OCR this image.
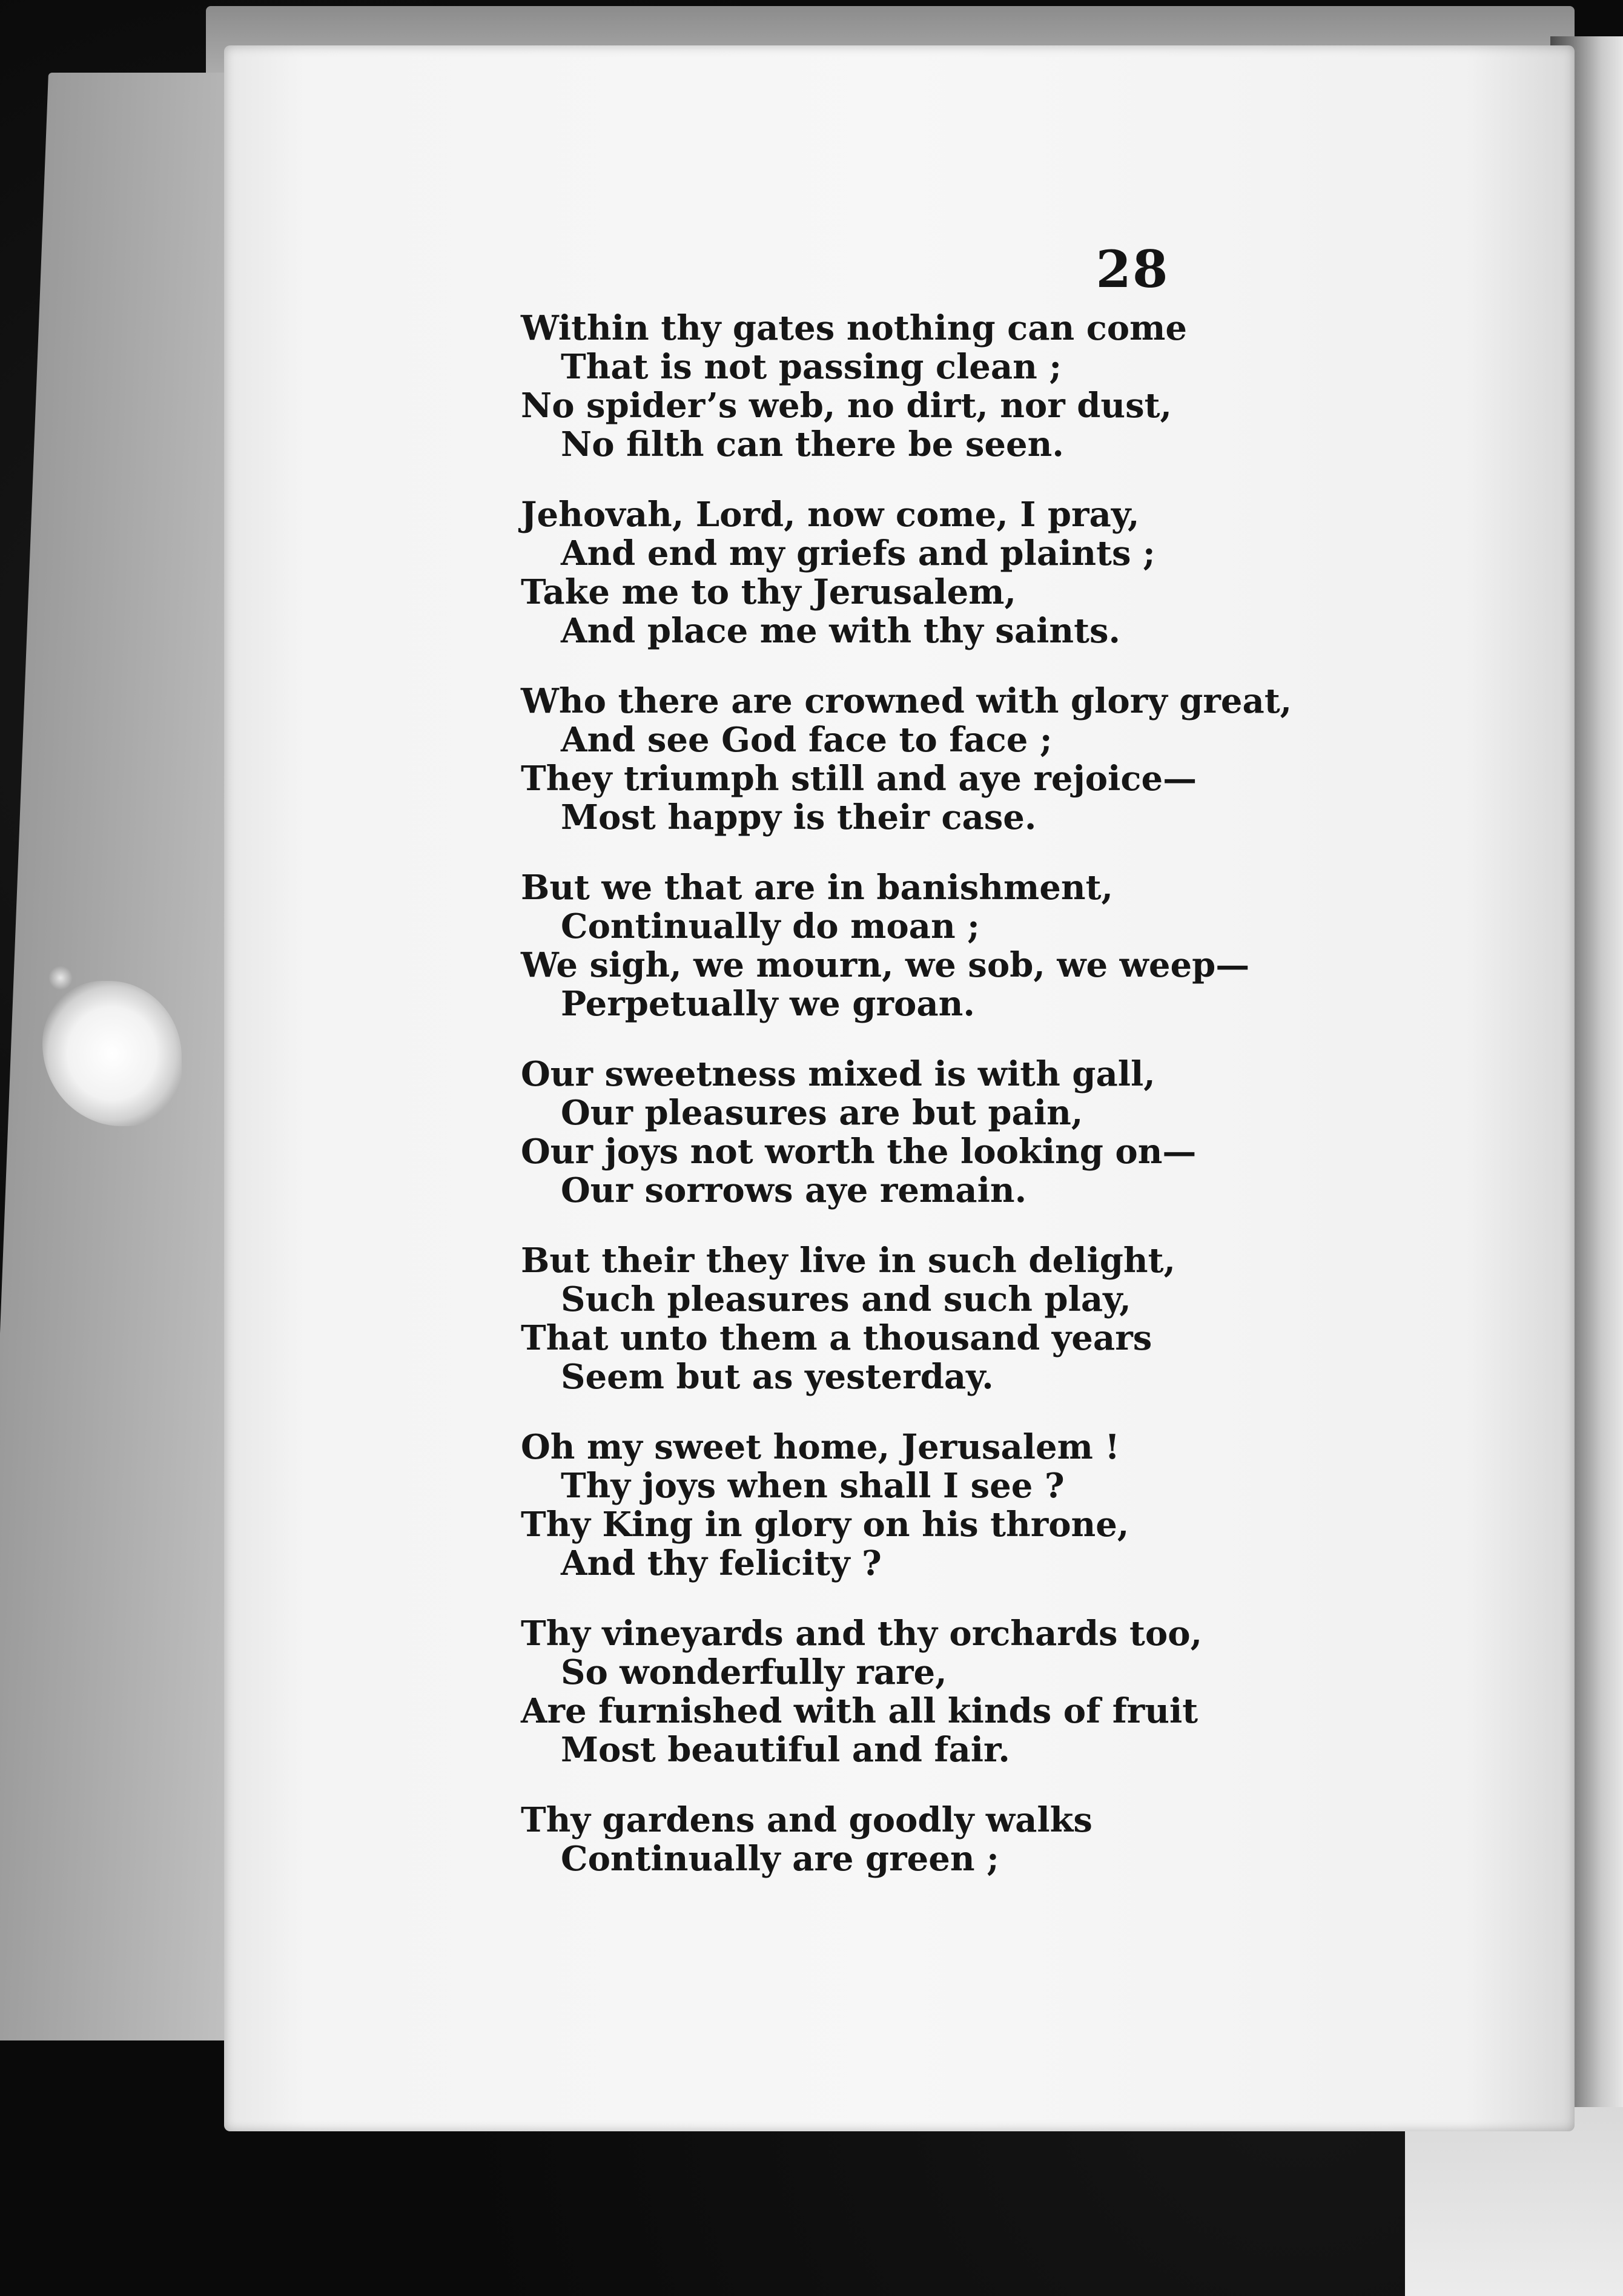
28
Within thy gates nothing can come
That is not passing clean ;
No spider’s web, no dirt, nor dust,
No filth can there be seen.
Jehovah, Lord, now come, I pray,
And end my griefs and plaints ;
Take me to thy Jerusalem,
And place me with thy saints.
Who there are crowned with glory great,
And see God face to face ;
They triumph still and aye rejoice—
Most happy is their case.
But we that are in banishment,
Continually do moan ;
We sigh, we mourn, we sob, we weep—
Perpetually we groan.
Our sweetness mixed is with gall,
Our pleasures are but pain,
Our joys not worth the looking on—
Our sorrows aye remain.
But their they live in such delight,
Such pleasures and such play,
That unto them a thousand years
Seem but as yesterday.
Oh my sweet home, Jerusalem !
Thy joys when shall I see ?
Thy King in glory on his throne,
And thy felicity ?
Thy vineyards and thy orchards too,
So wonderfully rare,
Are furnished with all kinds of fruit
Most beautiful and fair.
Thy gardens and goodly walks
Continually are green ;
